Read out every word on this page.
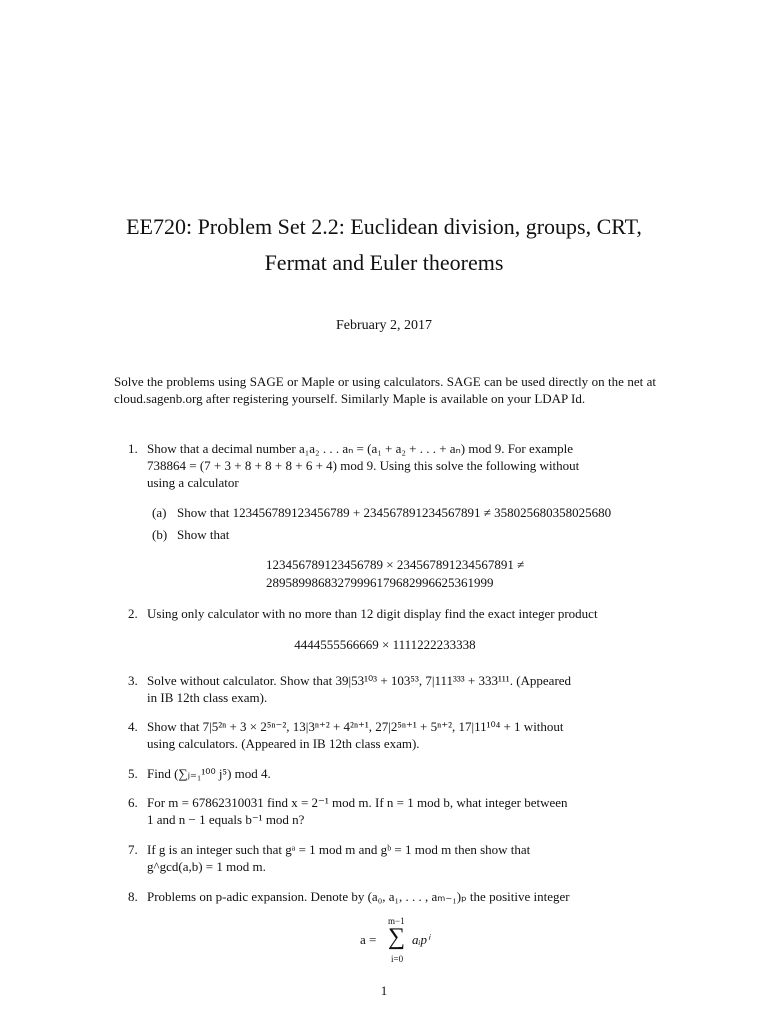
EE720: Problem Set 2.2: Euclidean division, groups, CRT,
Fermat and Euler theorems
February 2, 2017
Solve the problems using SAGE or Maple or using calculators. SAGE can be used directly on the net at cloud.sagenb.org after registering yourself. Similarly Maple is available on your LDAP Id.
1. Show that a decimal number a₁a₂ . . . aₙ = (a₁ + a₂ + . . . + aₙ) mod 9. For example
738864 = (7 + 3 + 8 + 8 + 8 + 6 + 4) mod 9. Using this solve the following without
using a calculator
(a) Show that 123456789123456789 + 234567891234567891 ≠ 358025680358025680
(b) Show that
123456789123456789 × 234567891234567891 ≠
28958998683279996179682996625361999
2. Using only calculator with no more than 12 digit display find the exact integer product
4444555566669 × 1111222233338
3. Solve without calculator. Show that 39|53¹⁰³ + 103⁵³, 7|111³³³ + 333¹¹¹. (Appeared
in IB 12th class exam).
4. Show that 7|5²ⁿ + 3 × 2⁵ⁿ⁻², 13|3ⁿ⁺² + 4²ⁿ⁺¹, 27|2⁵ⁿ⁺¹ + 5ⁿ⁺², 17|11¹⁰⁴ + 1 without
using calculators. (Appeared in IB 12th class exam).
5. Find (∑ⱼ₌₁¹⁰⁰ j⁵) mod 4.
6. For m = 67862310031 find x = 2⁻¹ mod m. If n = 1 mod b, what integer between
1 and n − 1 equals b⁻¹ mod n?
7. If g is an integer such that gᵃ = 1 mod m and gᵇ = 1 mod m then show that
g^gcd(a,b) = 1 mod m.
8. Problems on p-adic expansion. Denote by (a₀, a₁, . . . , aₘ₋₁)ₚ the positive integer
a =
m−1
∑
i=0
aᵢpⁱ
1
